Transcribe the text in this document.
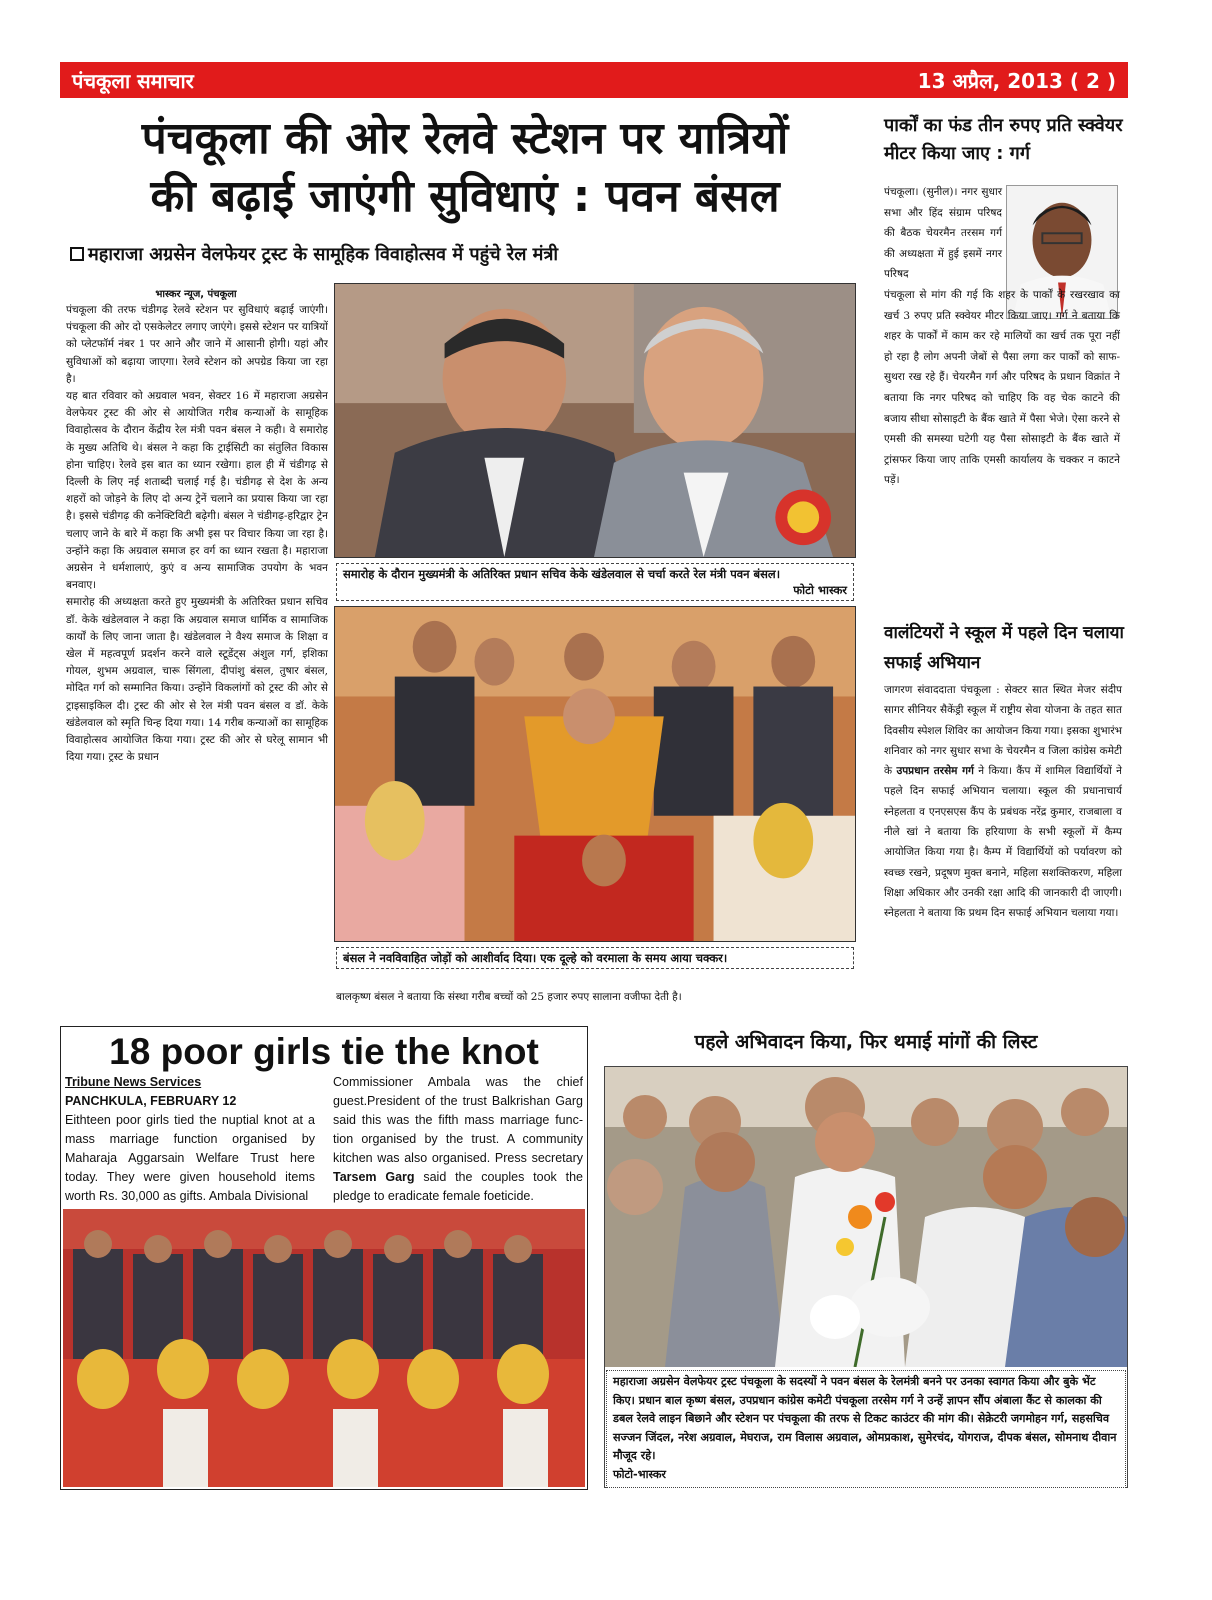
पंचकूला समाचार	13 अप्रैल, 2013 ( 2 )
पंचकूला की ओर रेलवे स्टेशन पर यात्रियों
की बढ़ाई जाएंगी सुविधाएं : पवन बंसल
महाराजा अग्रसेन वेलफेयर ट्रस्ट के सामूहिक विवाहोत्सव में पहुंचे रेल मंत्री
भास्कर न्यूज, पंचकूला

पंचकूला की तरफ चंडीगढ़ रेलवे स्टेशन पर सुविधाएं बढ़ाई जाएंगी। पंचकूला की ओर दो एसकेलेटर लगाए जाएंगे। इससे स्टेशन पर यात्रियों को प्लेटफॉर्म नंबर 1 पर आने और जाने में आसानी होगी। यहां और सुविधाओं को बढ़ाया जाएगा। रेलवे स्टेशन को अपग्रेड किया जा रहा है।

यह बात रविवार को अग्रवाल भवन, सेक्टर 16 में महाराजा अग्रसेन वेलफेयर ट्रस्ट की ओर से आयोजित गरीब कन्याओं के सामूहिक विवाहोत्सव के दौरान केंद्रीय रेल मंत्री पवन बंसल ने कही। वे समारोह के मुख्य अतिथि थे। बंसल ने कहा कि ट्राईसिटी का संतुलित विकास होना चाहिए। रेलवे इस बात का ध्यान रखेगा। हाल ही में चंडीगढ़ से दिल्ली के लिए नई शताब्दी चलाई गई है। चंडीगढ़ से देश के अन्य शहरों को जोड़ने के लिए दो अन्य ट्रेनें चलाने का प्रयास किया जा रहा है। इससे चंडीगढ़ की कनेक्टिविटी बढ़ेगी। बंसल ने चंडीगढ़-हरिद्वार ट्रेन चलाए जाने के बारे में कहा कि अभी इस पर विचार किया जा रहा है। उन्होंने कहा कि अग्रवाल समाज हर वर्ग का ध्यान रखता है। महाराजा अग्रसेन ने धर्मशालाएं, कुएं व अन्य सामाजिक उपयोग के भवन बनवाए।

समारोह की अध्यक्षता करते हुए मुख्यमंत्री के अतिरिक्त प्रधान सचिव डॉ. केके खंडेलवाल ने कहा कि अग्रवाल समाज धार्मिक व सामाजिक कार्यों के लिए जाना जाता है। खंडेलवाल ने वैश्य समाज के शिक्षा व खेल में महत्वपूर्ण प्रदर्शन करने वाले स्टूडेंट्स अंशुल गर्ग, इशिका गोयल, शुभम अग्रवाल, चारू सिंगला, दीपांशु बंसल, तुषार बंसल, मोदित गर्ग को सम्मानित किया। उन्होंने विकलांगों को ट्रस्ट की ओर से ट्राइसाइकिल दी। ट्रस्ट की ओर से रेल मंत्री पवन बंसल व डॉ. केके खंडेलवाल को स्मृति चिन्ह दिया गया। 14 गरीब कन्याओं का सामूहिक विवाहोत्सव आयोजित किया गया। ट्रस्ट की ओर से घरेलू सामान भी दिया गया। ट्रस्ट के प्रधान

समारोह के दौरान मुख्यमंत्री के अतिरिक्त प्रधान सचिव केके खंडेलवाल से चर्चा करते रेल मंत्री पवन बंसल।
फोटो भास्कर
बंसल ने नवविवाहित जोड़ों को आशीर्वाद दिया। एक दूल्हे को वरमाला के समय आया चक्कर।
बालकृष्ण बंसल ने बताया कि संस्था गरीब बच्चों को 25 हजार रुपए सालाना वजीफा देती है।
पार्कों का फंड तीन रुपए प्रति स्क्वेयर मीटर किया जाए : गर्ग
पंचकूला। (सुनील)। नगर सुधार सभा और हिंद संग्राम परिषद की बैठक चेयरमैन तरसम गर्ग की अध्यक्षता में हुई इसमें नगर परिषद
पंचकूला से मांग की गई कि शहर के पार्कों के रखरखाव का खर्च 3 रुपए प्रति स्क्वेयर मीटर किया जाए। गर्ग ने बताया कि शहर के पार्कों में काम कर रहे मालियों का खर्च तक पूरा नहीं हो रहा है लोग अपनी जेबों से पैसा लगा कर पार्कों को साफ-सुथरा रख रहे हैं। चेयरमैन गर्ग और परिषद के प्रधान विक्रांत ने बताया कि नगर परिषद को चाहिए कि वह चेक काटने की बजाय सीधा सोसाइटी के बैंक खाते में पैसा भेजे। ऐसा करने से एमसी की समस्या घटेगी यह पैसा सोसाइटी के बैंक खाते में ट्रांसफर किया जाए ताकि एमसी कार्यालय के चक्कर न काटने पड़ें।
वालंटियरों ने स्कूल में पहले दिन चलाया सफाई अभियान
जागरण संवाददाता पंचकूला : सेक्टर सात स्थित मेजर संदीप सागर सीनियर सैकेंड्री स्कूल में राष्ट्रीय सेवा योजना के तहत सात दिवसीय स्पेशल शिविर का आयोजन किया गया। इसका शुभारंभ शनिवार को नगर सुधार सभा के चेयरमैन व जिला कांग्रेस कमेटी के उपप्रधान तरसेम गर्ग ने किया। कैंप में शामिल विद्यार्थियों ने पहले दिन सफाई अभियान चलाया। स्कूल की प्रधानाचार्य स्नेहलता व एनएसएस कैंप के प्रबंधक नरेंद्र कुमार, राजबाला व नीले खां ने बताया कि हरियाणा के सभी स्कूलों में कैम्प आयोजित किया गया है। कैम्प में विद्यार्थियों को पर्यावरण को स्वच्छ रखने, प्रदूषण मुक्त बनाने, महिला सशक्तिकरण, महिला शिक्षा अधिकार और उनकी रक्षा आदि की जानकारी दी जाएगी। स्नेहलता ने बताया कि प्रथम दिन सफाई अभियान चलाया गया।
18 poor girls tie the knot
Tribune News Services
PANCHKULA, FEBRUARY 12
Eithteen poor girls tied the nuptial knot at a mass marriage function organised by Maharaja Aggarsain Welfare Trust here today. They were given household items worth Rs. 30,000 as gifts. Ambala Divisional
Commissioner Ambala was the chief guest.President of the trust Balkrishan Garg said this was the fifth mass marriage func-tion organised by the trust. A community kitchen was also organised. Press secretary Tarsem Garg said the couples took the pledge to eradicate female foeticide.
पहले अभिवादन किया, फिर थमाई मांगों की लिस्ट
महाराजा अग्रसेन वेलफेयर ट्रस्ट पंचकूला के सदस्यों ने पवन बंसल के रेलमंत्री बनने पर उनका स्वागत किया और बुके भेंट किए। प्रधान बाल कृष्ण बंसल, उपप्रधान कांग्रेस कमेटी पंचकूला तरसेम गर्ग ने उन्हें ज्ञापन सौंप अंबाला कैंट से कालका की डबल रेलवे लाइन बिछाने और स्टेशन पर पंचकूला की तरफ से टिकट काउंटर की मांग की। सेक्रेटरी जगमोहन गर्ग, सहसचिव सज्जन जिंदल, नरेश अग्रवाल, मेघराज, राम विलास अग्रवाल, ओमप्रकाश, सुमेरचंद, योगराज, दीपक बंसल, सोमनाथ दीवान मौजूद रहे।
फोटो-भास्कर
